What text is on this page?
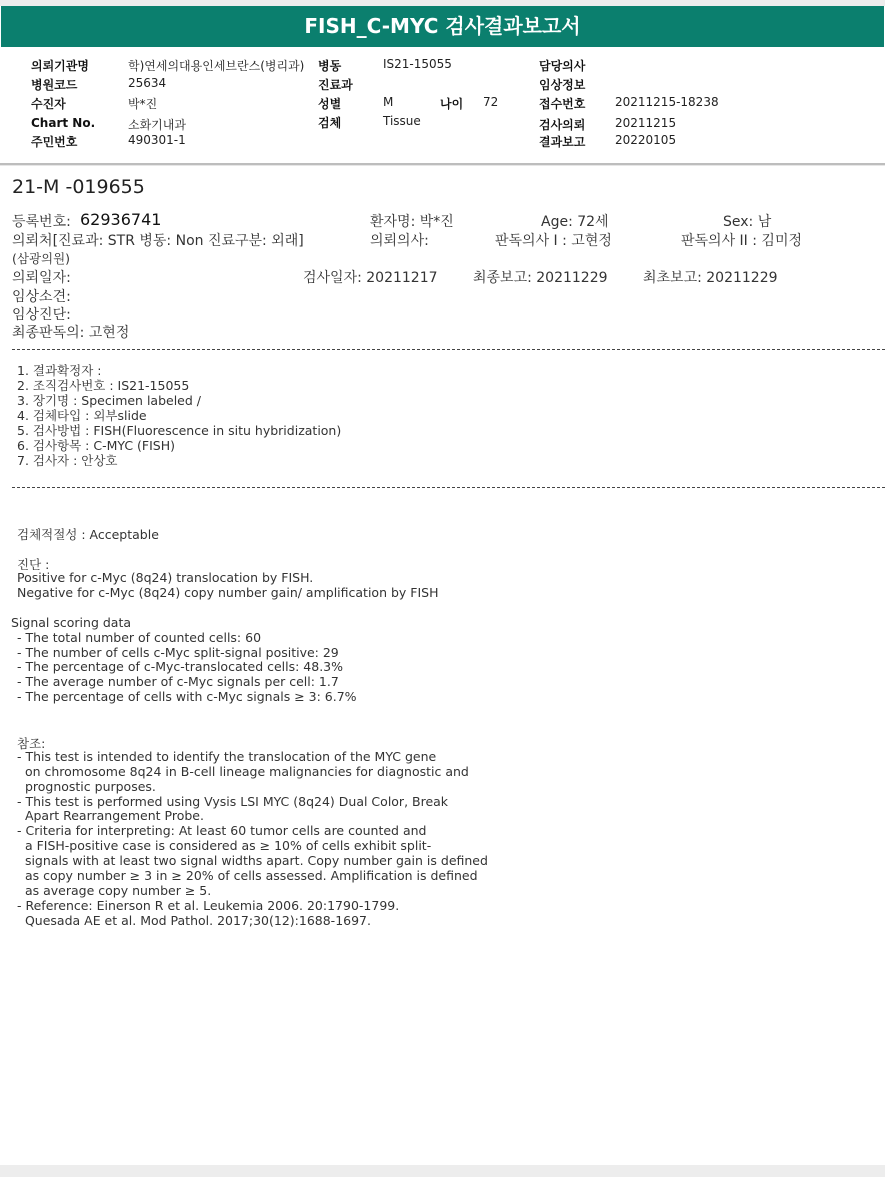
FISH_C-MYC 검사결과보고서
의뢰기관명	학)연세의대용인세브란스(병리과)
병원코드	25634
수진자	박*진
Chart No.	소화기내과
주민번호	490301-1
병동	IS21-15055
진료과
성별	M	나이 72
검체	Tissue
담당의사
임상정보
접수번호 20211215-18238
검사의뢰 20211215
결과보고 20220105
21-M -019655
등록번호: 62936741	환자명: 박*진	Age: 72세	Sex: 남
의뢰처[진료과: STR 병동: Non 진료구분: 외래]	의뢰의사:	판독의사 I : 고현정	판독의사 II : 김미정
(삼광의원)
의뢰일자:	검사일자: 20211217	최종보고: 20211229	최초보고: 20211229
임상소견:
임상진단:
최종판독의: 고현정
1. 결과확정자 :
2. 조직검사번호 : IS21-15055
3. 장기명 : Specimen labeled /
4. 검체타입 : 외부slide
5. 검사방법 : FISH(Fluorescence in situ hybridization)
6. 검사항목 : C-MYC (FISH)
7. 검사자 : 안상호
검체적절성 : Acceptable
진단 :
Positive for c-Myc (8q24) translocation by FISH.
Negative for c-Myc (8q24) copy number gain/ amplification by FISH
Signal scoring data
- The total number of counted cells: 60
- The number of cells c-Myc split-signal positive: 29
- The percentage of c-Myc-translocated cells: 48.3%
- The average number of c-Myc signals per cell: 1.7
- The percentage of cells with c-Myc signals ≥ 3: 6.7%
참조:
- This test is intended to identify the translocation of the MYC gene
on chromosome 8q24 in B-cell lineage malignancies for diagnostic and
prognostic purposes.
- This test is performed using Vysis LSI MYC (8q24) Dual Color, Break
Apart Rearrangement Probe.
- Criteria for interpreting: At least 60 tumor cells are counted and
a FISH-positive case is considered as ≥ 10% of cells exhibit split-
signals with at least two signal widths apart. Copy number gain is defined
as copy number ≥ 3 in ≥ 20% of cells assessed. Amplification is defined
as average copy number ≥ 5.
- Reference: Einerson R et al. Leukemia 2006. 20:1790-1799.
Quesada AE et al. Mod Pathol. 2017;30(12):1688-1697.
